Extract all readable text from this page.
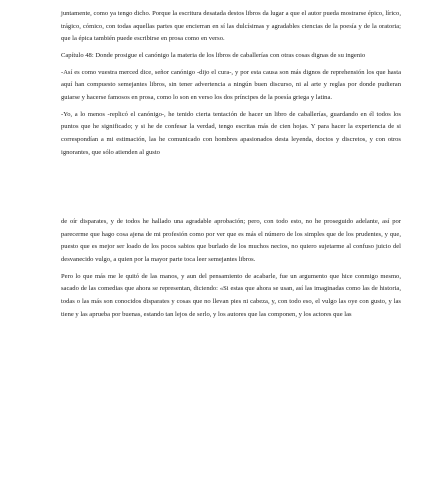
juntamente, como ya tengo dicho. Porque la escritura desatada destos libros da lugar a que el autor pueda mostrarse épico, lírico, trágico, cómico, con todas aquellas partes que encierran en sí las dulcísimas y agradables ciencias de la poesía y de la oratoria; que la épica también puede escribirse en prosa como en verso.

Capítulo 48: Donde prosigue el canónigo la materia de los libros de caballerías con otras cosas dignas de su ingenio

-Así es como vuestra merced dice, señor canónigo -dijo el cura-, y por esta causa son más dignos de reprehensión los que hasta aquí han compuesto semejantes libros, sin tener advertencia a ningún buen discurso, ni al arte y reglas por donde pudieran guiarse y hacerse famosos en prosa, como lo son en verso los dos príncipes de la poesía griega y latina.

-Yo, a lo menos -replicó el canónigo-, he tenido cierta tentación de hacer un libro de caballerías, guardando en él todos los puntos que he significado; y si he de confesar la verdad, tengo escritas más de cien hojas. Y para hacer la experiencia de si correspondían a mi estimación, las he comunicado con hombres apasionados desta leyenda, doctos y discretos, y con otros ignorantes, que sólo atienden al gusto

de oír disparates, y de todos he hallado una agradable aprobación; pero, con todo esto, no he proseguido adelante, así por parecerme que hago cosa ajena de mi profesión como por ver que es más el número de los simples que de los prudentes, y que, puesto que es mejor ser loado de los pocos sabios que burlado de los muchos necios, no quiero sujetarme al confuso juicio del desvanecido vulgo, a quien por la mayor parte toca leer semejantes libros.

Pero lo que más me le quitó de las manos, y aun del pensamiento de acabarle, fue un argumento que hice conmigo mesmo, sacado de las comedias que ahora se representan, diciendo: «Si estas que ahora se usan, así las imaginadas como las de historia, todas o las más son conocidos disparates y cosas que no llevan pies ni cabeza, y, con todo eso, el vulgo las oye con gusto, y las tiene y las aprueba por buenas, estando tan lejos de serlo, y los autores que las componen, y los actores que las
